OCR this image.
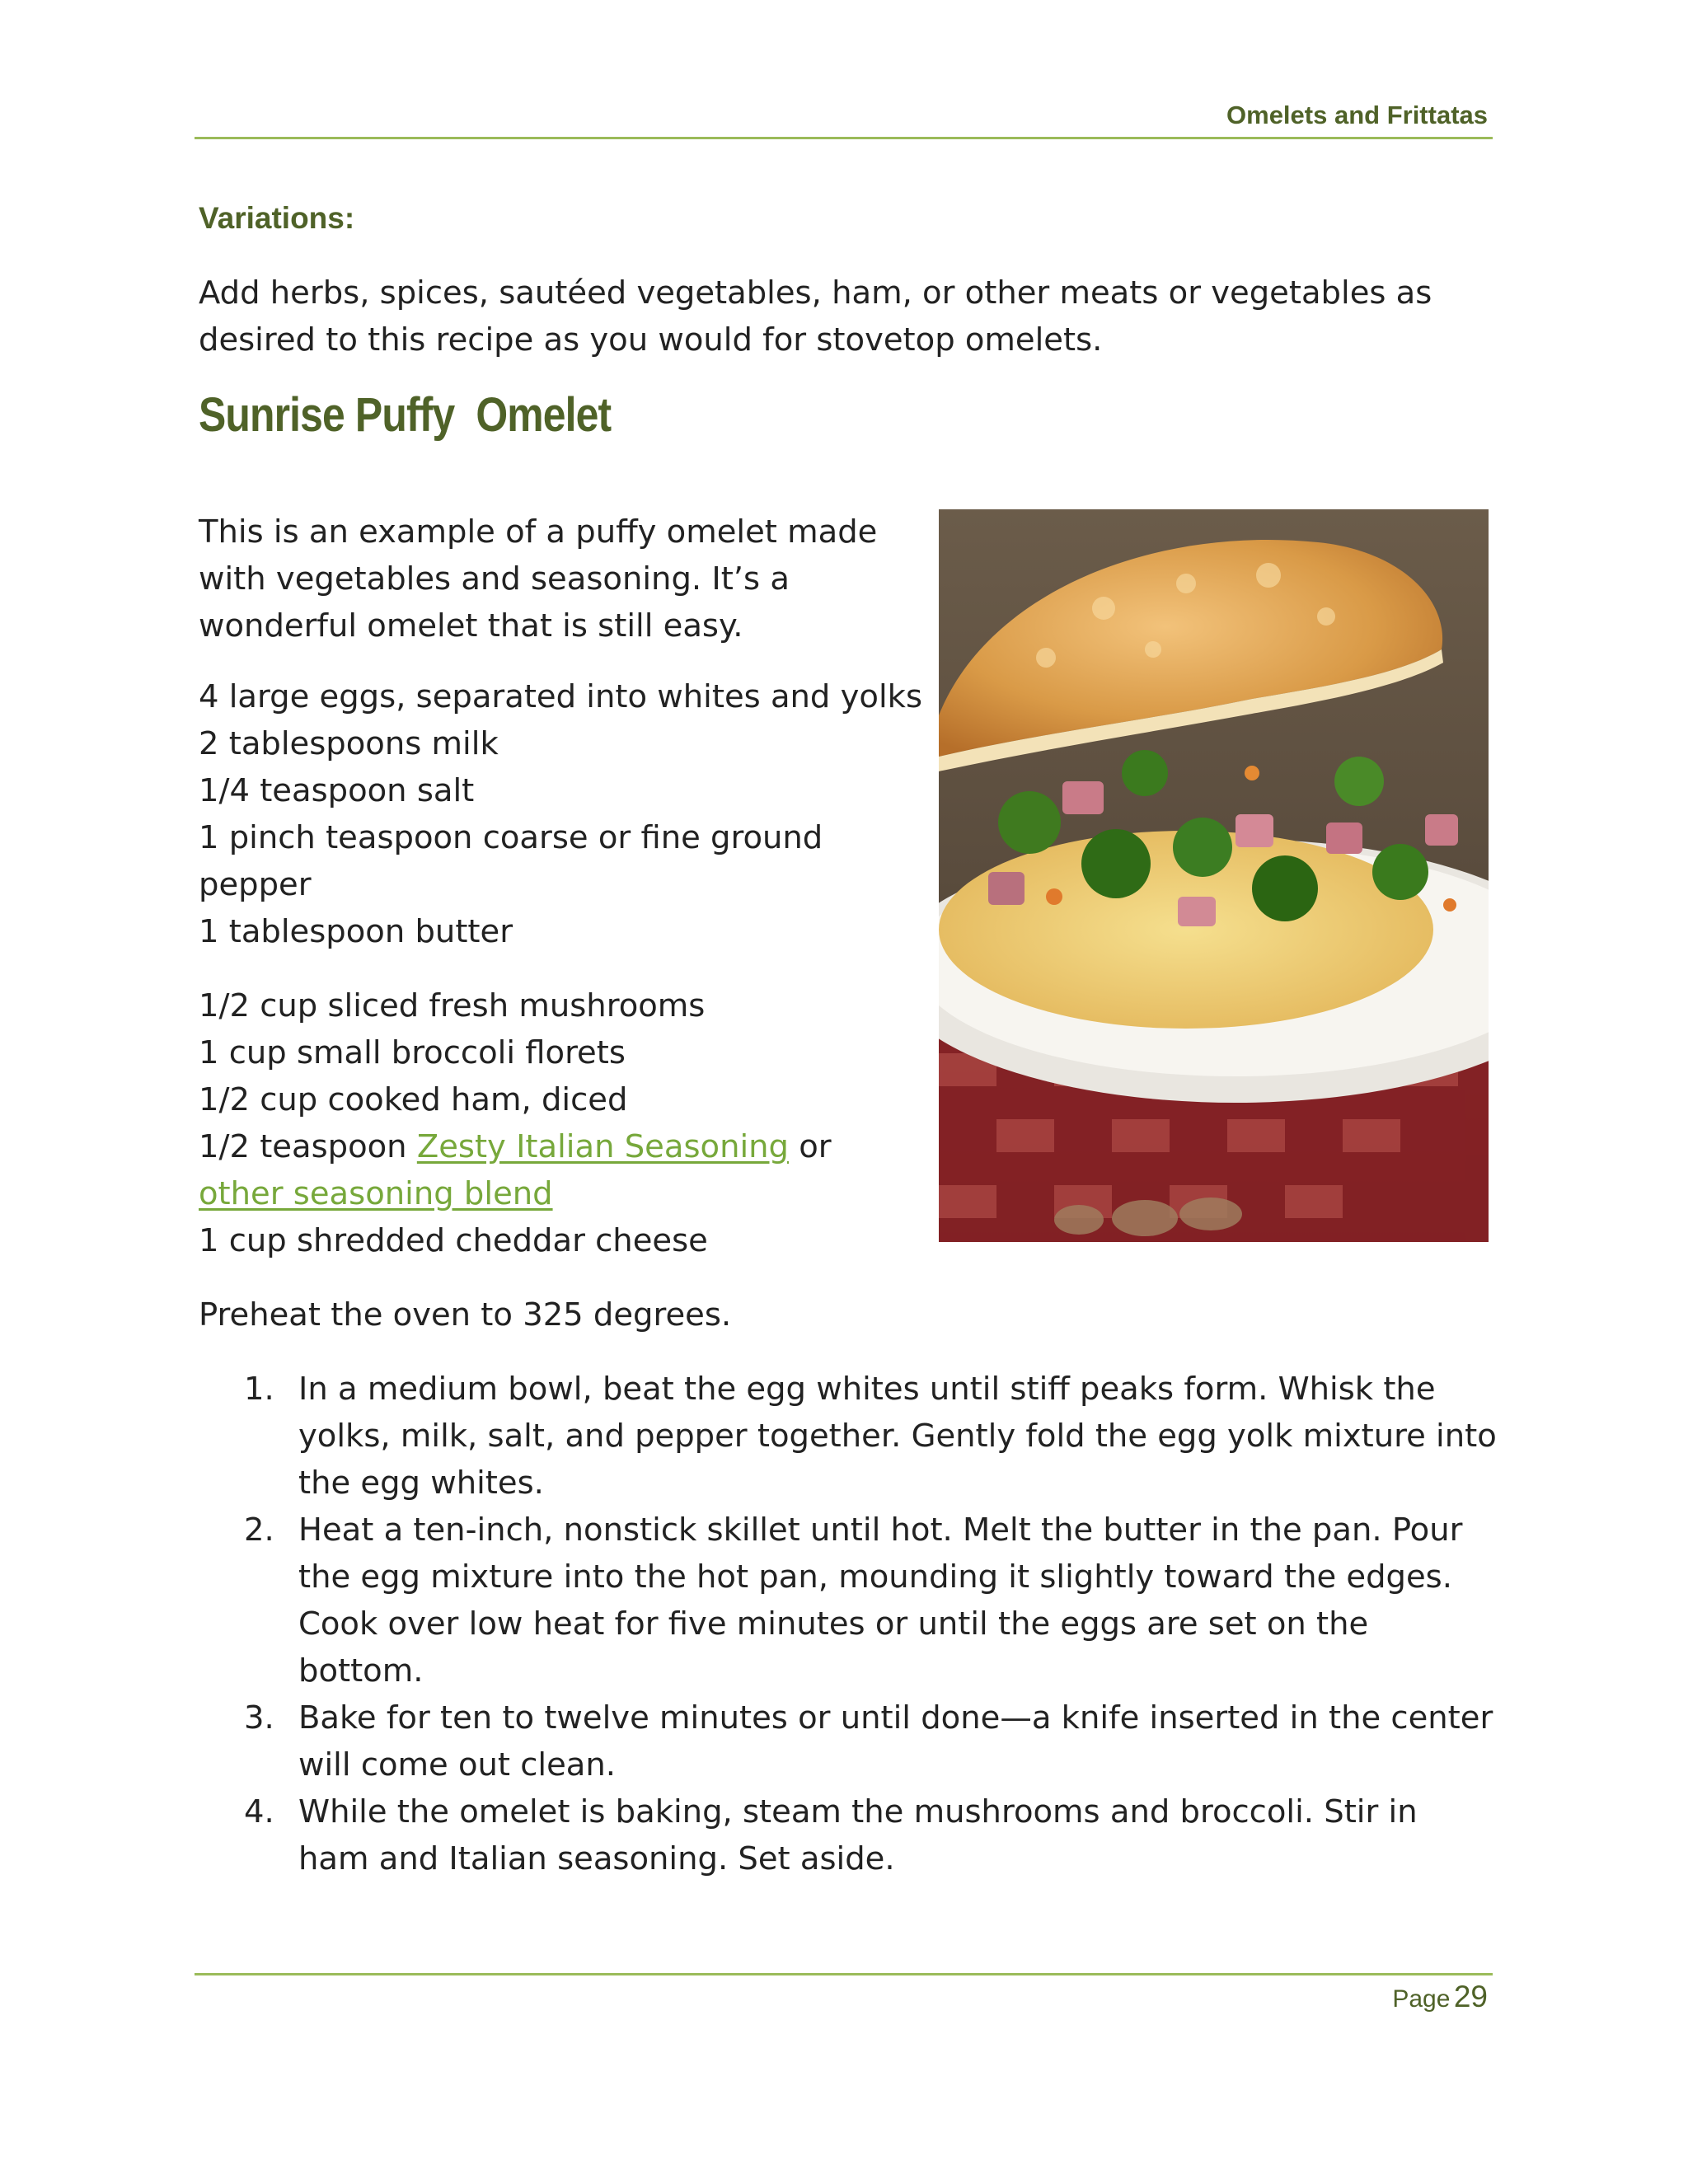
Omelets and Frittatas
Variations:
Add herbs, spices, sautéed vegetables, ham, or other meats or vegetables as desired to this recipe as you would for stovetop omelets.
Sunrise Puffy  Omelet
This is an example of a puffy omelet made with vegetables and seasoning. It’s a wonderful omelet that is still easy.
4 large eggs, separated into whites and yolks
2 tablespoons milk
1/4 teaspoon salt
1 pinch teaspoon coarse or fine ground pepper
1 tablespoon butter
1/2 cup sliced fresh mushrooms
1 cup small broccoli florets
1/2 cup cooked ham, diced
1/2 teaspoon Zesty Italian Seasoning or other seasoning blend
1 cup shredded cheddar cheese
Preheat the oven to 325 degrees.
1. In a medium bowl, beat the egg whites until stiff peaks form. Whisk the yolks, milk, salt, and pepper together. Gently fold the egg yolk mixture into the egg whites.
2. Heat a ten-inch, nonstick skillet until hot. Melt the butter in the pan. Pour the egg mixture into the hot pan, mounding it slightly toward the edges. Cook over low heat for five minutes or until the eggs are set on the bottom.
3. Bake for ten to twelve minutes or until done—a knife inserted in the center will come out clean.
4. While the omelet is baking, steam the mushrooms and broccoli. Stir in ham and Italian seasoning. Set aside.
Page 29
